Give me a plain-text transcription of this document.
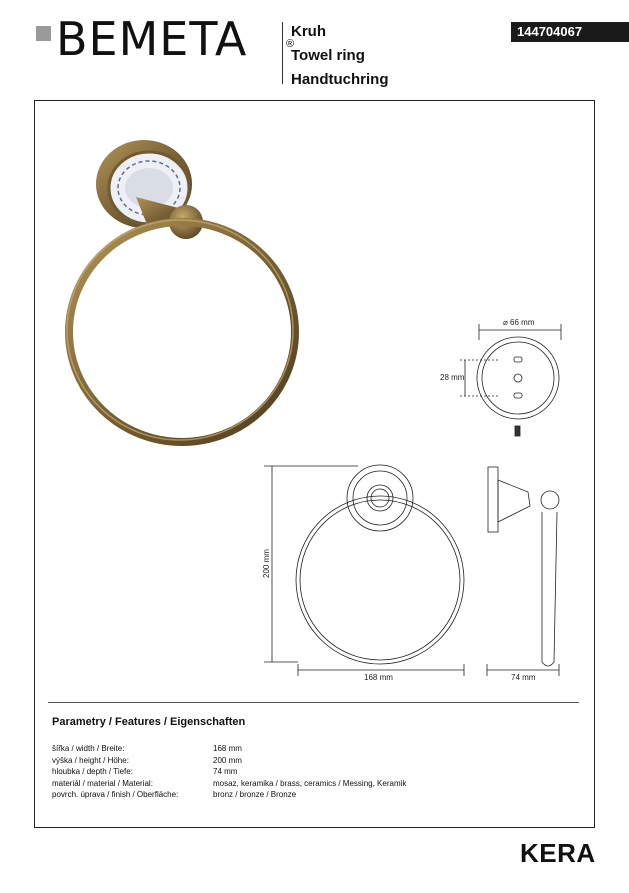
BEMETA	®
Kruh
Towel ring
Handtuchring
144704067
⌀ 66 mm
28 mm
200 mm
168 mm	74 mm
Parametry / Features / Eigenschaften
šířka / width / Breite:	168 mm
výška / height / Höhe:	200 mm
hloubka / depth / Tiefe:	74 mm
materiál / material / Material:	mosaz, keramika / brass, ceramics / Messing, Keramik
povrch. úprava / finish / Oberfläche:	bronz / bronze / Bronze
KERA
